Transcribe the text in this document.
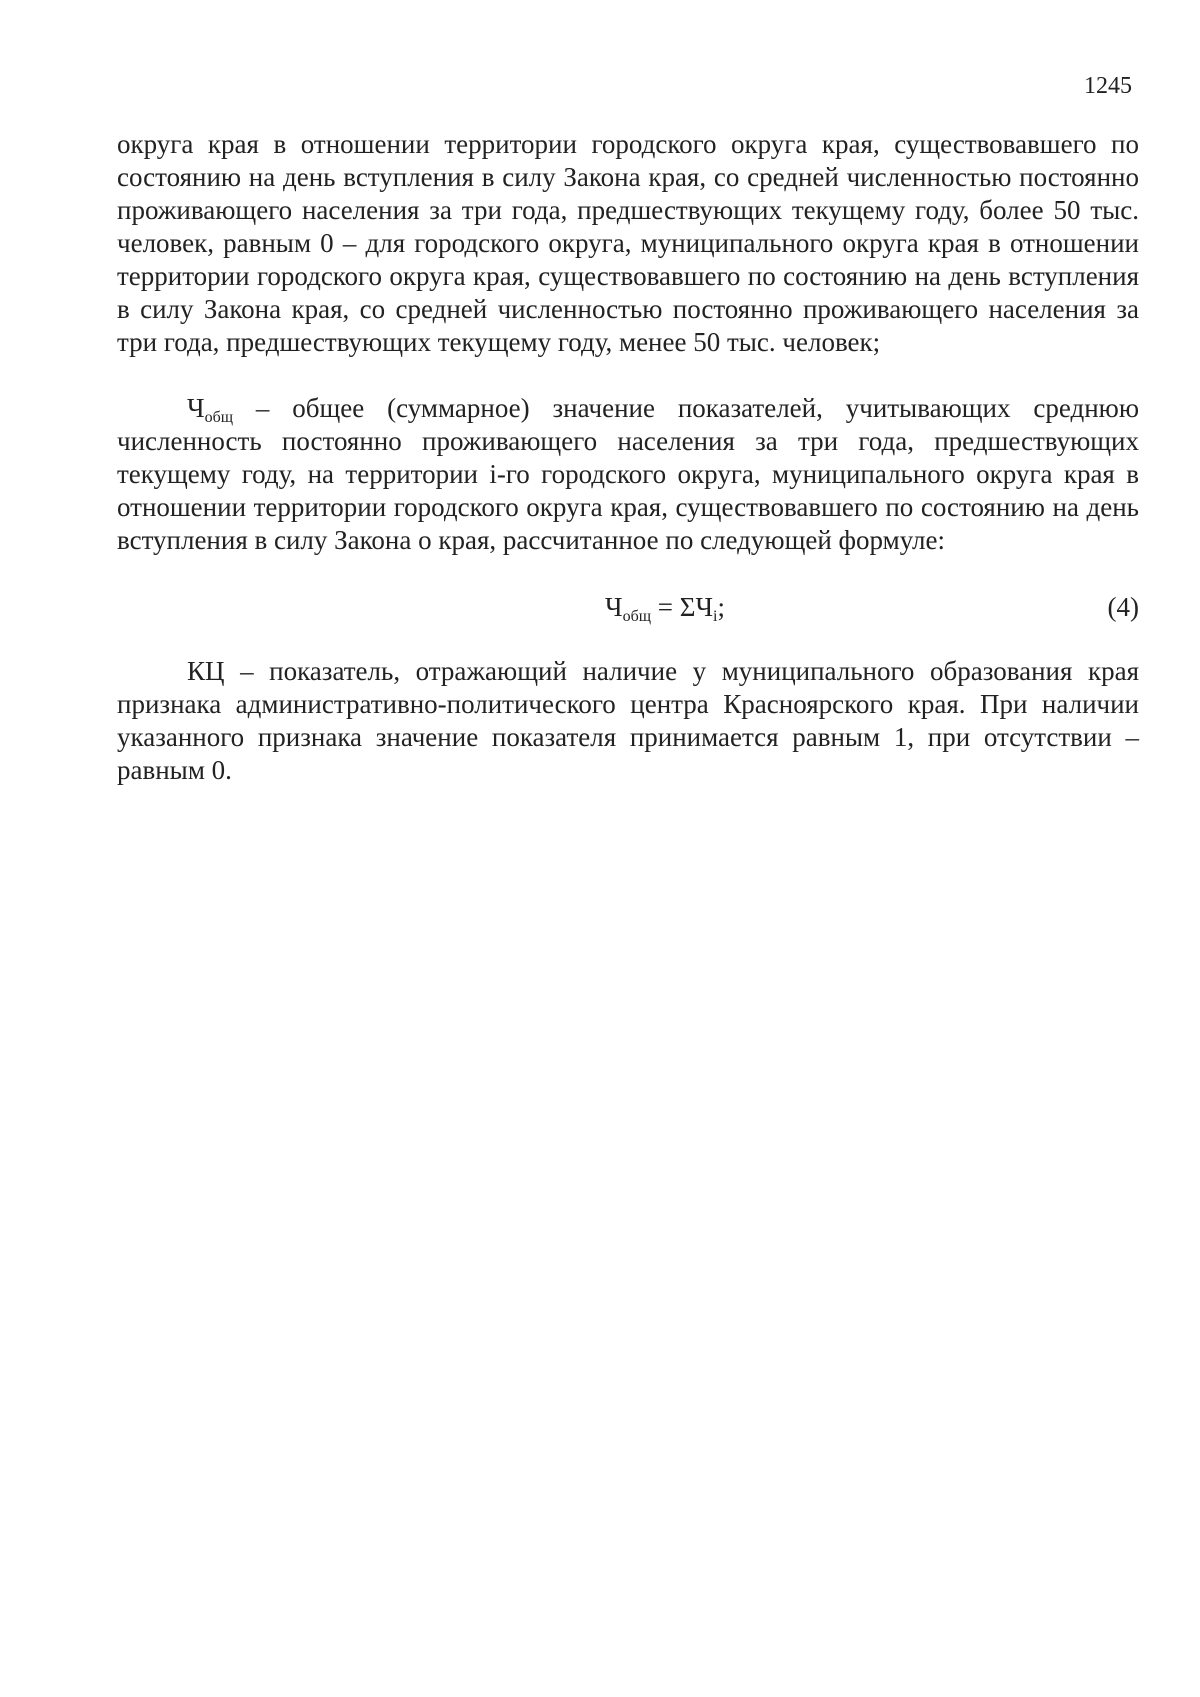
1245

округа края в отношении территории городского округа края, существовавшего по состоянию на день вступления в силу Закона края, со средней численностью постоянно проживающего населения за три года, предшествующих текущему году, более 50 тыс. человек, равным 0 – для городского округа, муниципального округа края в отношении территории городского округа края, существовавшего по состоянию на день вступления в силу Закона края, со средней численностью постоянно проживающего населения за три года, предшествующих текущему году, менее 50 тыс. человек;

$Ч_{общ}$ – общее (суммарное) значение показателей, учитывающих среднюю численность постоянно проживающего населения за три года, предшествующих текущему году, на территории i-го городского округа, муниципального округа края в отношении территории городского округа края, существовавшего по состоянию на день вступления в силу Закона о края, рассчитанное по следующей формуле:

$Ч_{общ} = \Sigma Ч_i$;	(4)

КЦ – показатель, отражающий наличие у муниципального образования края признака административно-политического центра Красноярского края. При наличии указанного признака значение показателя принимается равным 1, при отсутствии – равным 0.
